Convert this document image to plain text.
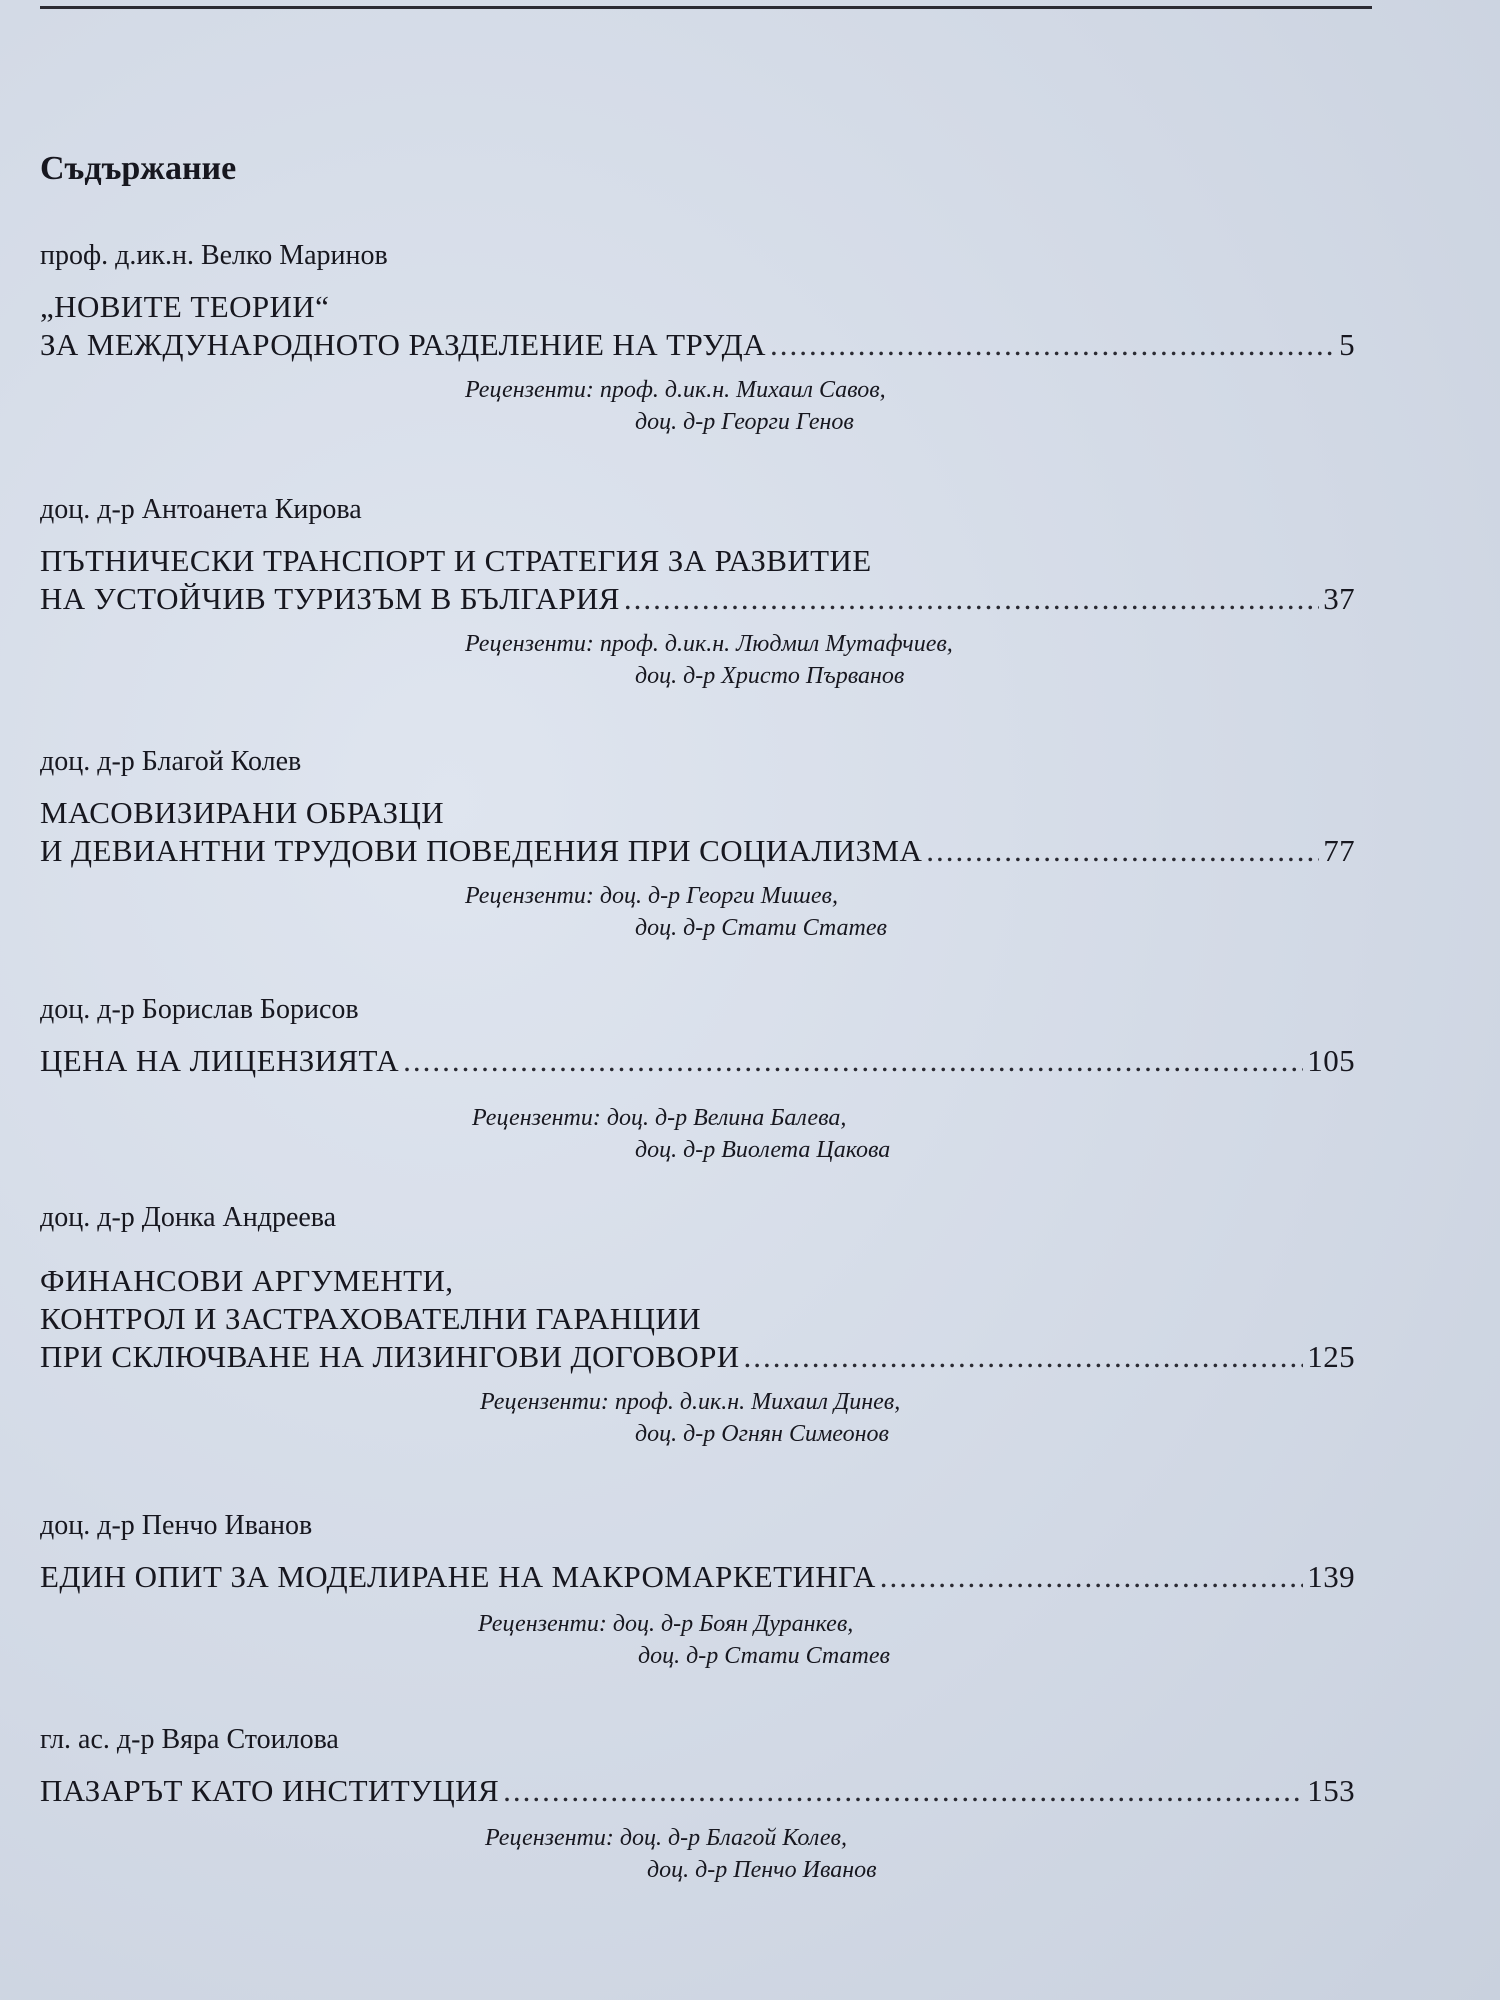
Съдържание
проф. д.ик.н. Велко Маринов
„НОВИТЕ ТЕОРИИ“
ЗА МЕЖДУНАРОДНОТО РАЗДЕЛЕНИЕ НА ТРУДА .....	5
Рецензенти: проф. д.ик.н. Михаил Савов,
доц. д-р Георги Генов
доц. д-р Антоанета Кирова
ПЪТНИЧЕСКИ ТРАНСПОРТ И СТРАТЕГИЯ ЗА РАЗВИТИЕ
НА УСТОЙЧИВ ТУРИЗЪМ В БЪЛГАРИЯ .....	37
Рецензенти: проф. д.ик.н. Людмил Мутафчиев,
доц. д-р Христо Първанов
доц. д-р Благой Колев
МАСОВИЗИРАНИ ОБРАЗЦИ
И ДЕВИАНТНИ ТРУДОВИ ПОВЕДЕНИЯ ПРИ СОЦИАЛИЗМА .....	77
Рецензенти: доц. д-р Георги Мишев,
доц. д-р Стати Статев
доц. д-р Борислав Борисов
ЦЕНА НА ЛИЦЕНЗИЯТА .....	105
Рецензенти: доц. д-р Велина Балева,
доц. д-р Виолета Цакова
доц. д-р Донка Андреева
ФИНАНСОВИ АРГУМЕНТИ,
КОНТРОЛ И ЗАСТРАХОВАТЕЛНИ ГАРАНЦИИ
ПРИ СКЛЮЧВАНЕ НА ЛИЗИНГОВИ ДОГОВОРИ .....	125
Рецензенти: проф. д.ик.н. Михаил Динев,
доц. д-р Огнян Симеонов
доц. д-р Пенчо Иванов
ЕДИН ОПИТ ЗА МОДЕЛИРАНЕ НА МАКРОМАРКЕТИНГА .....	139
Рецензенти: доц. д-р Боян Дуранкев,
доц. д-р Стати Статев
гл. ас. д-р Вяра Стоилова
ПАЗАРЪТ КАТО ИНСТИТУЦИЯ .....	153
Рецензенти: доц. д-р Благой Колев,
доц. д-р Пенчо Иванов
